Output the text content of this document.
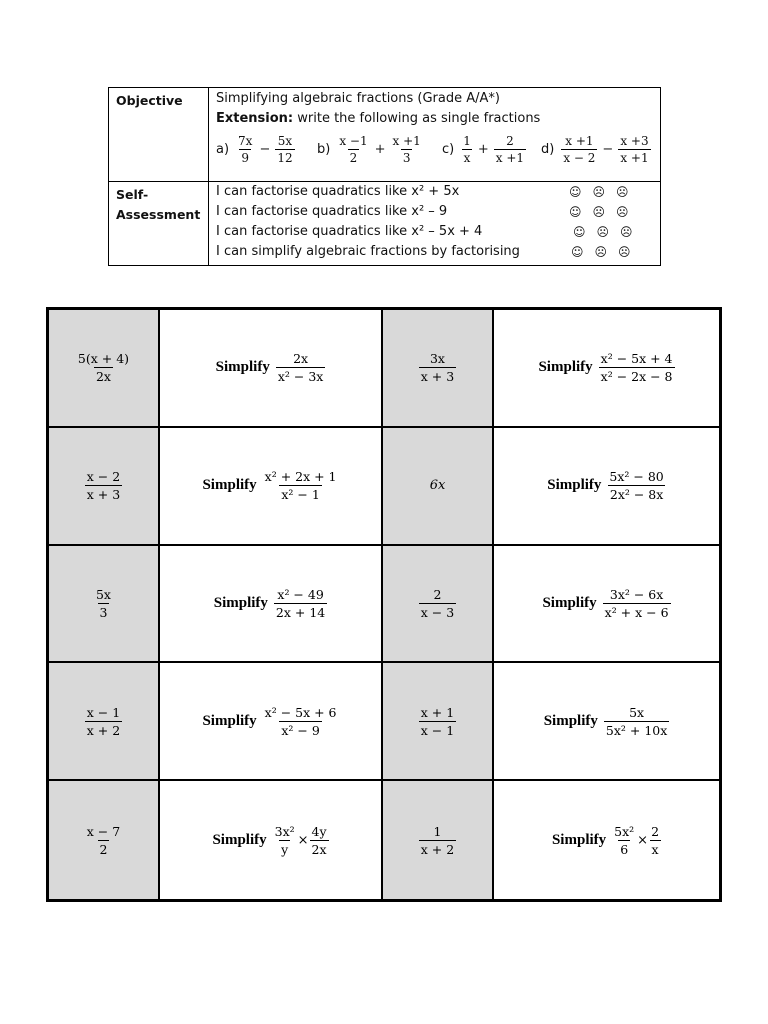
Objective	Simplifying algebraic fractions (Grade A/A*)
Extension: write the following as single fractions
$a) \frac{7x}{9} - \frac{5x}{12} b) \frac{x -1}{2} + \frac{x +1}{3} c) \frac{1}{x} + \frac{2}{x +1} d) \frac{x +1}{x - 2} - \frac{x +3}{x +1}$
Self-
Assessment
I can factorise quadratics like x² + 5x	☺ ☹ ☹
I can factorise quadratics like x² – 9	☺ ☹ ☹
I can factorise quadratics like x² – 5x + 4	☺ ☹ ☹
I can simplify algebraic fractions by factorising	☺ ☹ ☹
$\frac{5(x + 4)}{2x}$	Simplify $\frac{2x}{\text{x² − 3x}}$	$\frac{3x}{x + 3}$	Simplify $\frac{\text{x² − 5x + 4}}{\text{x² − 2x − 8}}$
$\frac{x - 2}{x + 3}$	Simplify $\frac{\text{x² + 2x + 1}}{\text{x² − 1}}$	6x	Simplify $\frac{\text{5x² − 80}}{\text{2x² − 8x}}$
$\frac{5x}{3}$	Simplify $\frac{\text{x² − 49}}{2x + 14}$	$\frac{2}{x - 3}$	Simplify $\frac{\text{3x² − 6x}}{\text{x² + x − 6}}$
$\frac{x - 1}{x + 2}$	Simplify $\frac{\text{x² − 5x + 6}}{\text{x² − 9}}$	$\frac{x + 1}{x - 1}$	Simplify $\frac{5x}{\text{5x² + 10x}}$
$\frac{x - 7}{2}$	Simplify $\frac{\text{3x²}}{y} \times \frac{4y}{2x}$	$\frac{1}{x + 2}$	Simplify $\frac{\text{5x²}}{6} \times \frac{2}{x}$
